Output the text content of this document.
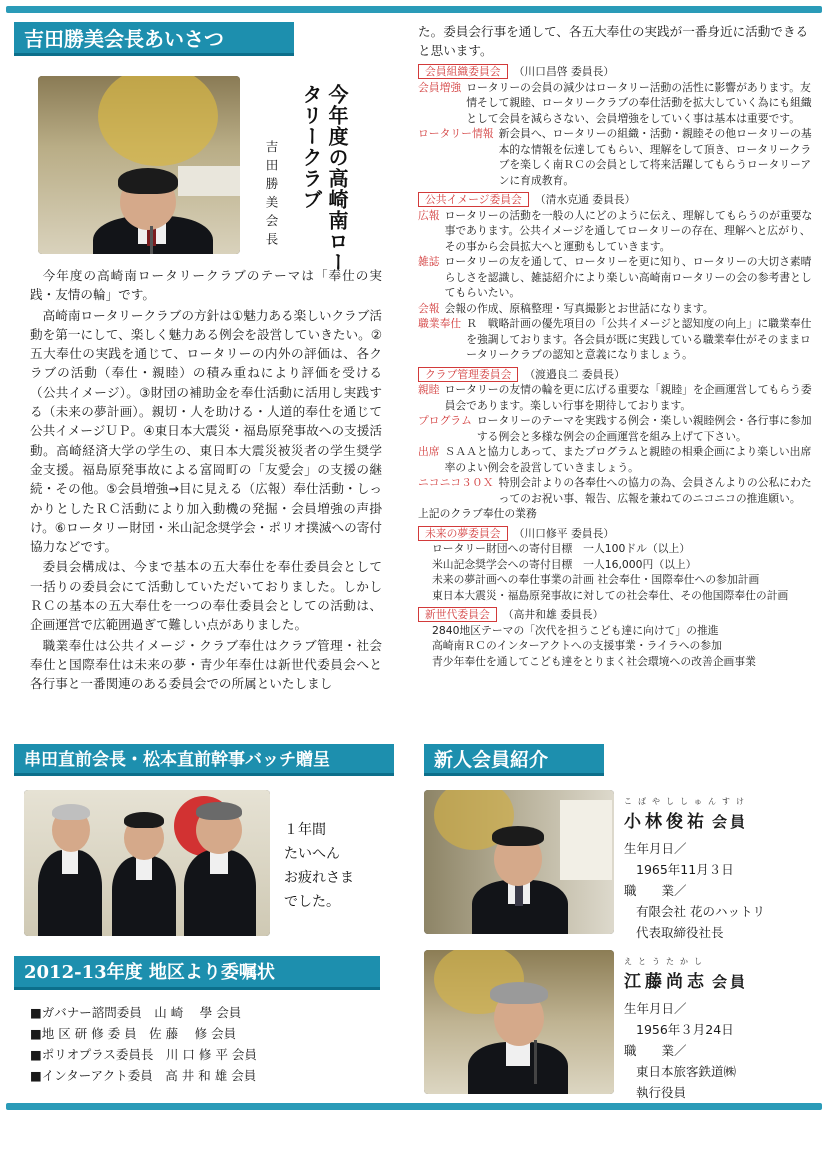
吉田勝美会長あいさつ
今年度の高崎南ロータリークラブ
吉田勝美会長

今年度の高崎南ロータリークラブのテーマは「奉仕の実践・友情の輪」です。

高崎南ロータリークラブの方針は①魅力ある楽しいクラブ活動を第一にして、楽しく魅力ある例会を設営していきたい。②五大奉仕の実践を通じて、ロータリーの内外の評価は、各クラブの活動（奉仕・親睦）の積み重ねにより評価を受ける（公共イメージ）。③財団の補助金を奉仕活動に活用し実践する（未来の夢計画）。親切・人を助ける・人道的奉仕を通じて公共イメージＵＰ。④東日本大震災・福島原発事故への支援活動。高崎経済大学の学生の、東日本大震災被災者の学生奨学金支援。福島原発事故による富岡町の「友愛会」の支援の継続・その他。⑤会員増強→目に見える（広報）奉仕活動・しっかりとしたＲＣ活動により加入動機の発掘・会員増強の声掛け。⑥ロータリー財団・米山記念奨学会・ポリオ撲滅への寄付協力などです。

委員会構成は、今まで基本の五大奉仕を奉仕委員会として一括りの委員会にて活動していただいておりました。しかしＲＣの基本の五大奉仕を一つの奉仕委員会としての活動は、企画運営で広範囲過ぎて難しい点がありました。

職業奉仕は公共イメージ・クラブ奉仕はクラブ管理・社会奉仕と国際奉仕は未来の夢・青少年奉仕は新世代委員会へと各行事と一番関連のある委員会での所属といたしまし

た。委員会行事を通して、各五大奉仕の実践が一番身近に活動できると思います。
会員組織委員会	（川口昌啓 委員長）
会員増強 ロータリーの会員の減少はロータリー活動の活性に影響があります。友情そして親睦、ロータリークラブの奉仕活動を拡大していく為にも組織として会員を減らさない、会員増強をしていく事は基本は重要です。
ロータリー情報 新会員へ、ロータリーの組織・活動・親睦その他ロータリーの基本的な情報を伝達してもらい、理解をして頂き、ロータリークラブを楽しく南ＲＣの会員として将来活躍してもらうロータリーアンに育成教育。
公共イメージ委員会	（清水克通 委員長）
広報 ロータリーの活動を一般の人にどのように伝え、理解してもらうのが重要な事であります。公共イメージを通してロータリーの存在、理解へと広がり、その事から会員拡大へと運動もしていきます。
雑誌 ロータリーの友を通して、ロータリーを更に知り、ロータリーの大切さ素晴らしさを認識し、雑誌紹介により楽しい高崎南ロータリーの会の参考書としてもらいたい。
会報 会報の作成、原稿整理・写真撮影とお世話になります。
職業奉仕 Ｒ　戦略計画の優先項目の「公共イメージと認知度の向上」に職業奉仕を強調しております。各会員が既に実践している職業奉仕がそのままロータリークラブの認知と意義になりましょう。
クラブ管理委員会	（渡邉良二 委員長）
親睦 ロータリーの友情の輪を更に広げる重要な「親睦」を企画運営してもらう委員会であります。楽しい行事を期待しております。
プログラム ロータリーのテーマを実践する例会・楽しい親睦例会・各行事に参加する例会と多様な例会の企画運営を組み上げて下さい。
出席 ＳＡＡと協力しあって、またプログラムと親睦の相乗企画により楽しい出席率のよい例会を設営していきましょう。
ニコニコ３０Ｘ 特別会計よりの各奉仕への協力の為、会員さんよりの公私にわたってのお祝い事、報告、広報を兼ねてのニコニコの推進願い。
上記のクラブ奉仕の業務
未来の夢委員会	（川口修平 委員長）
ロータリー財団への寄付目標　一人100ドル（以上）
米山記念奨学会への寄付目標　一人16,000円（以上）
未来の夢計画への奉仕事業の計画 社会奉仕・国際奉仕への参加計画
東日本大震災・福島原発事故に対しての社会奉仕、その他国際奉仕の計画
新世代委員会	（高井和雄 委員長）
2840地区テーマの「次代を担うこども達に向けて」の推進
高崎南ＲＣのインターアクトへの支援事業・ライラへの参加
青少年奉仕を通してこども達をとりまく社会環境への改善企画事業
串田直前会長・松本直前幹事バッチ贈呈
１年間
たいへん
お疲れさま
でした。
2012-13年度 地区より委嘱状
■ガバナー諮問委員　山 崎　 學 会員
■地 区 研 修 委 員　佐 藤　 修 会員
■ポリオプラス委員長　川 口 修 平 会員
■インターアクト委員　高 井 和 雄 会員
新人会員紹介
こばやししゅんすけ
小林俊祐 会員
生年月日／
1965年11月３日
職　　業／
有限会社 花のハットリ
代表取締役社長
えとうたかし
江藤尚志 会員
生年月日／
1956年３月24日
職　　業／
東日本旅客鉄道㈱
執行役員
